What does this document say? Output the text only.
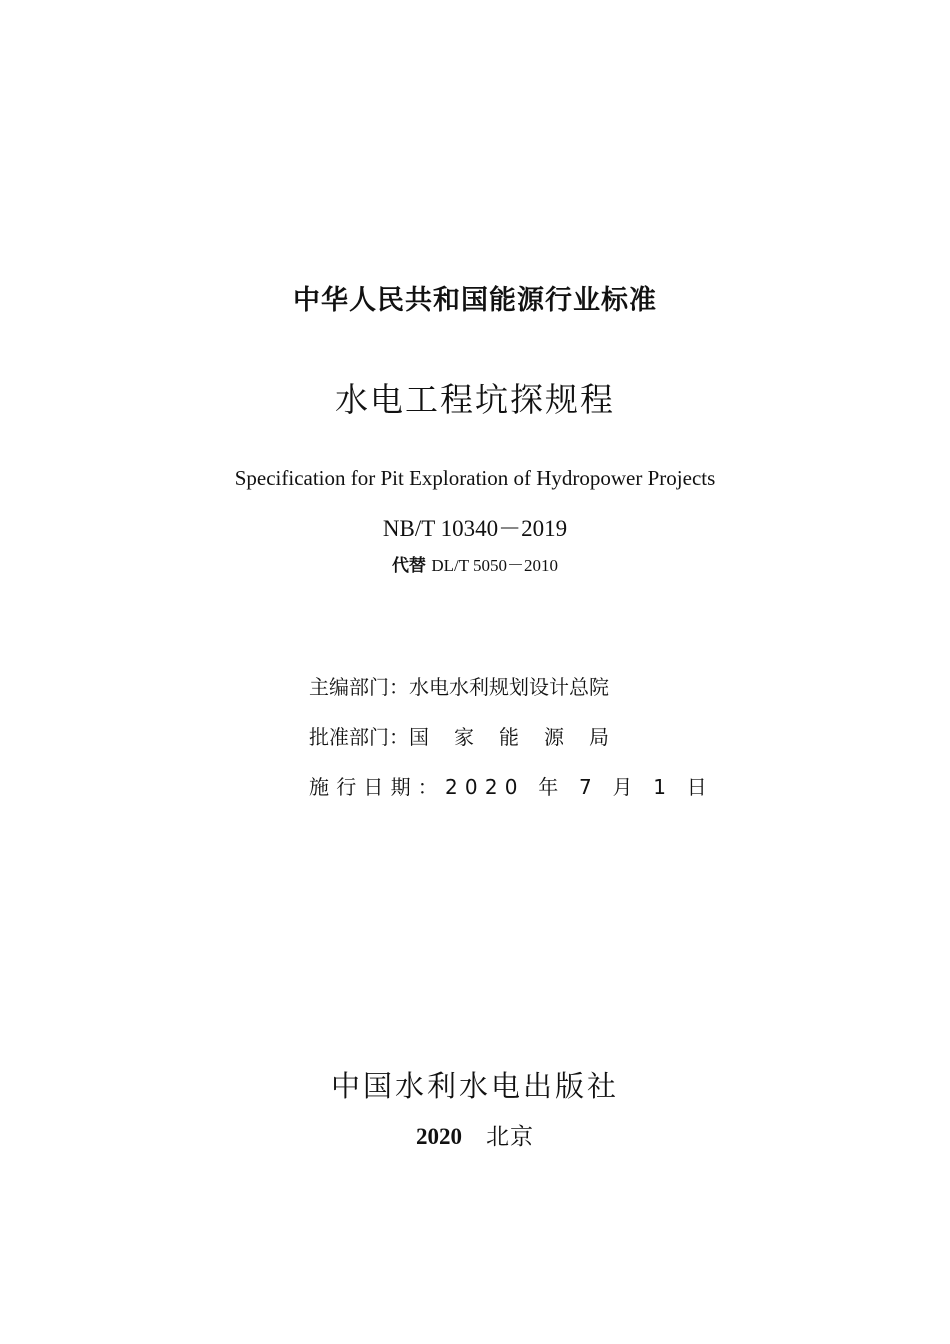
中华人民共和国能源行业标准
水电工程坑探规程
Specification for Pit Exploration of Hydropower Projects
NB/T 10340－2019
代替 DL/T 5050－2010
主编部门：水电水利规划设计总院
批准部门：国家能源局
施行日期：2020 年 7 月 1 日
中国水利水电出版社
2020 北京
